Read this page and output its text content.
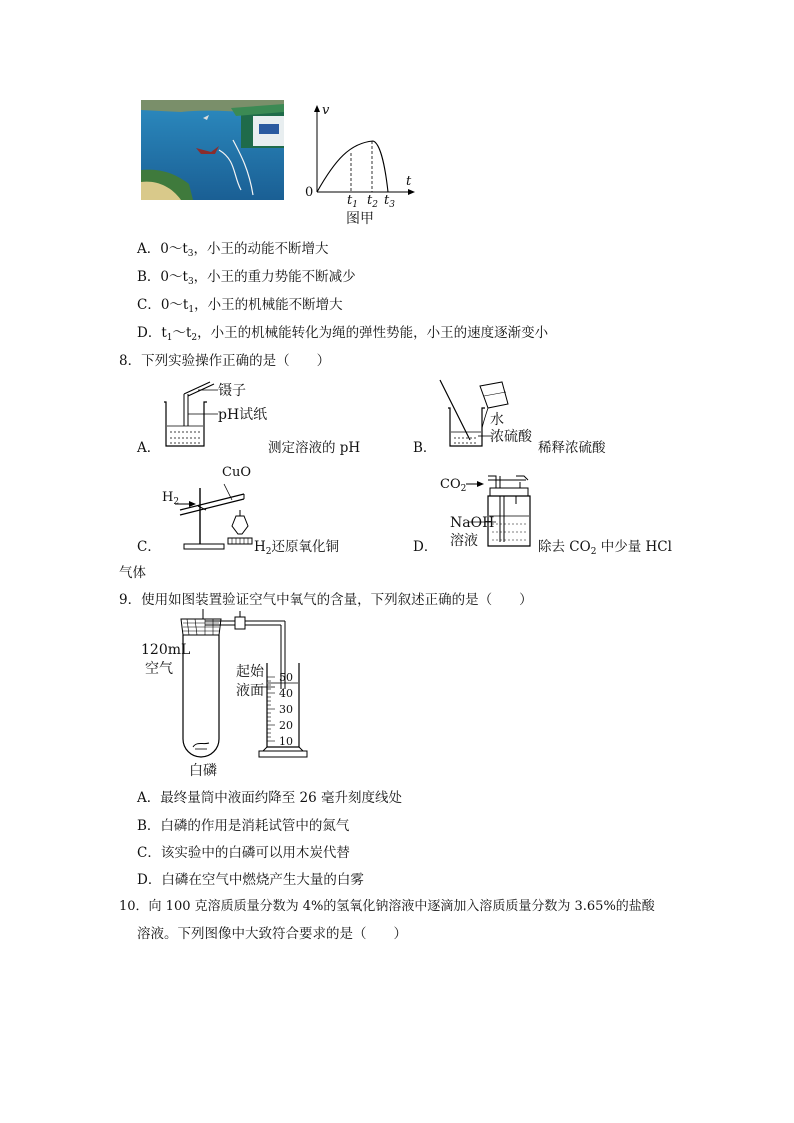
v
t
0
$t_1$ $t_2$ $t_3$
图甲
A．$0\sim t_3$，小王的动能不断增大
B．$0\sim t_3$，小王的重力势能不断减少
C．$0\sim t_1$，小王的机械能不断增大
D．$t_1\sim t_2$，小王的机械能转化为绳的弹性势能，小王的速度逐渐变小
8．下列实验操作正确的是（　　）
A．
镊子
pH试纸
测定溶液的 pH	B．
水
浓硫酸
稀释浓硫酸
C．
CuO
$H_2$
$H_2$还原氧化铜	D．
$CO_2$
NaOH
溶液	除去 $CO_2$ 中少量 HCl
气体
9．使用如图装置验证空气中氧气的含量，下列叙述正确的是（　　）
120mL
空气	起始
液面
50
40
30
20
10
白磷
A．最终量筒中液面约降至 26 毫升刻度线处
B．白磷的作用是消耗试管中的氮气
C．该实验中的白磷可以用木炭代替
D．白磷在空气中燃烧产生大量的白雾
10．向 100 克溶质质量分数为 4%的氢氧化钠溶液中逐滴加入溶质质量分数为 3.65%的盐酸
溶液。下列图像中大致符合要求的是（　　）
